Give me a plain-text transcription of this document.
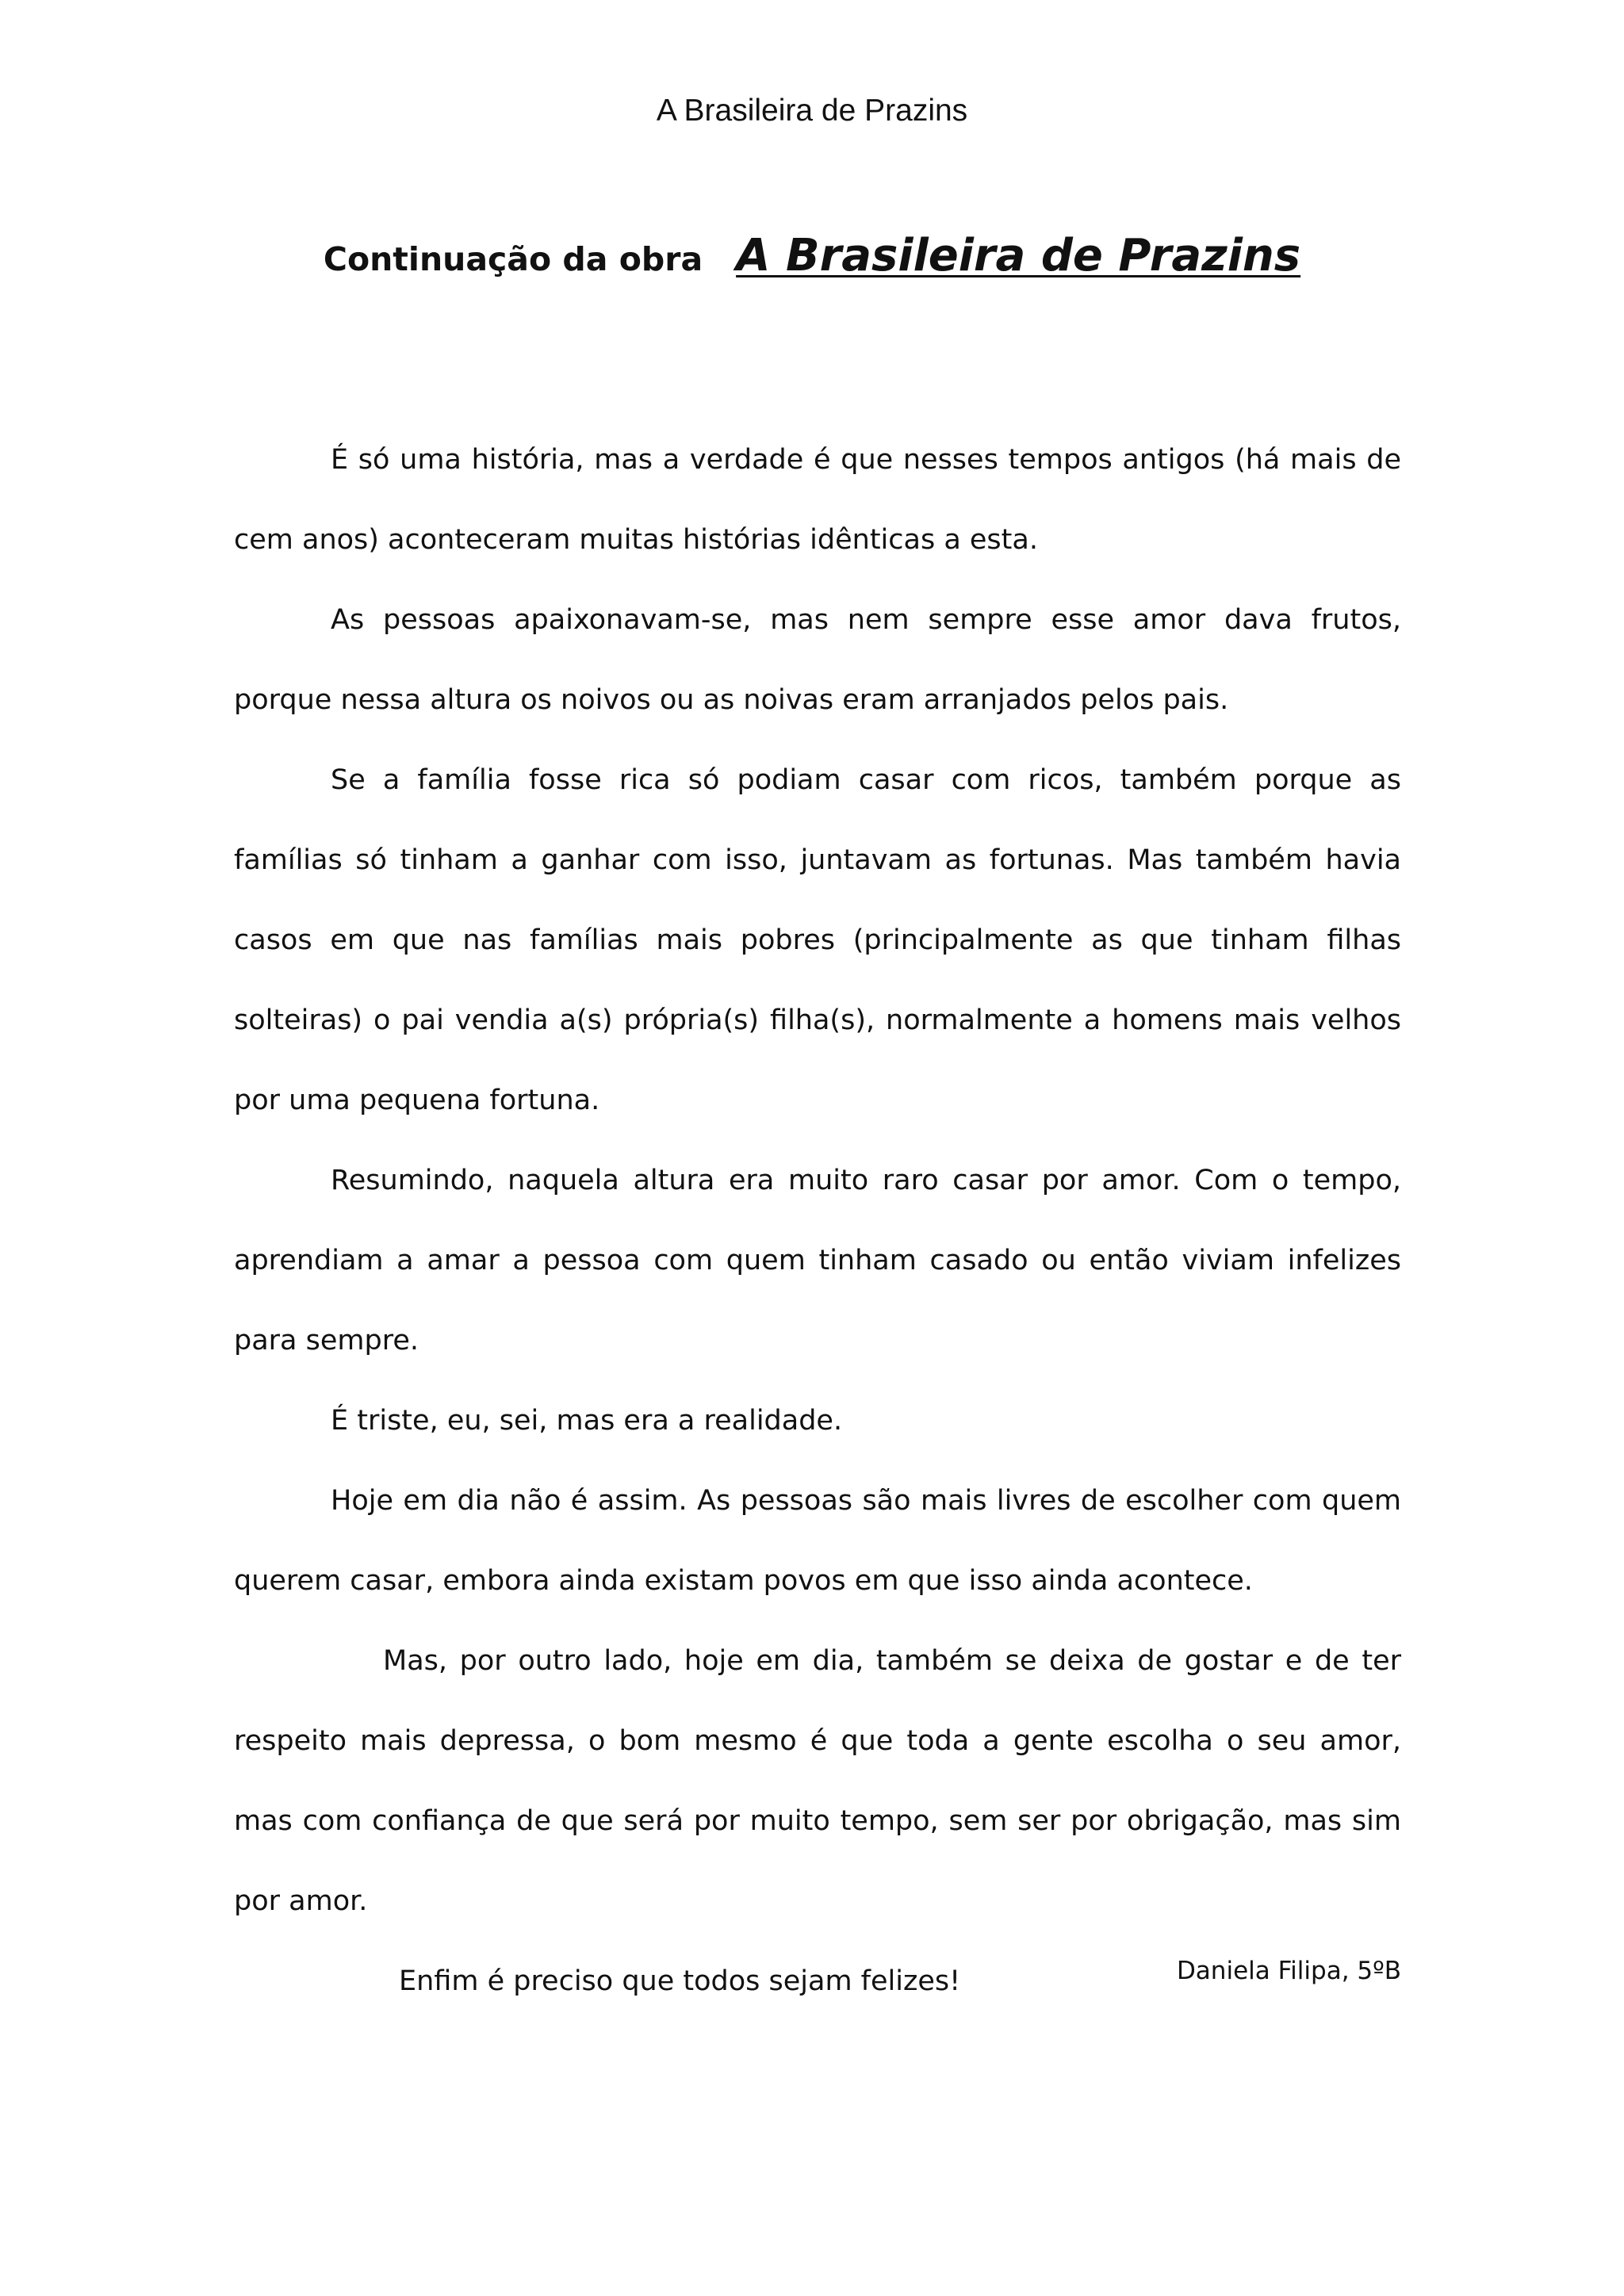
A Brasileira de Prazins
Continuação da obra A Brasileira de Prazins

É só uma história, mas a verdade é que nesses tempos antigos (há mais de cem anos) aconteceram muitas histórias idênticas a esta.

As pessoas apaixonavam-se, mas nem sempre esse amor dava frutos, porque nessa altura os noivos ou as noivas eram arranjados pelos pais.

Se a família fosse rica só podiam casar com ricos, também porque as famílias só tinham a ganhar com isso, juntavam as fortunas. Mas também havia casos em que nas famílias mais pobres (principalmente as que tinham filhas solteiras) o pai vendia a(s) própria(s) filha(s), normalmente a homens mais velhos por uma pequena fortuna.

Resumindo, naquela altura era muito raro casar por amor. Com o tempo, aprendiam a amar a pessoa com quem tinham casado ou então viviam infelizes para sempre.

É triste, eu, sei, mas era a realidade.

Hoje em dia não é assim. As pessoas são mais livres de escolher com quem querem casar, embora ainda existam povos em que isso ainda acontece.

Mas, por outro lado, hoje em dia, também se deixa de gostar e de ter respeito mais depressa, o bom mesmo é que toda a gente escolha o seu amor, mas com confiança de que será por muito tempo, sem ser por obrigação, mas sim por amor.

Enfim é preciso que todos sejam felizes!	Daniela Filipa, 5ºB
